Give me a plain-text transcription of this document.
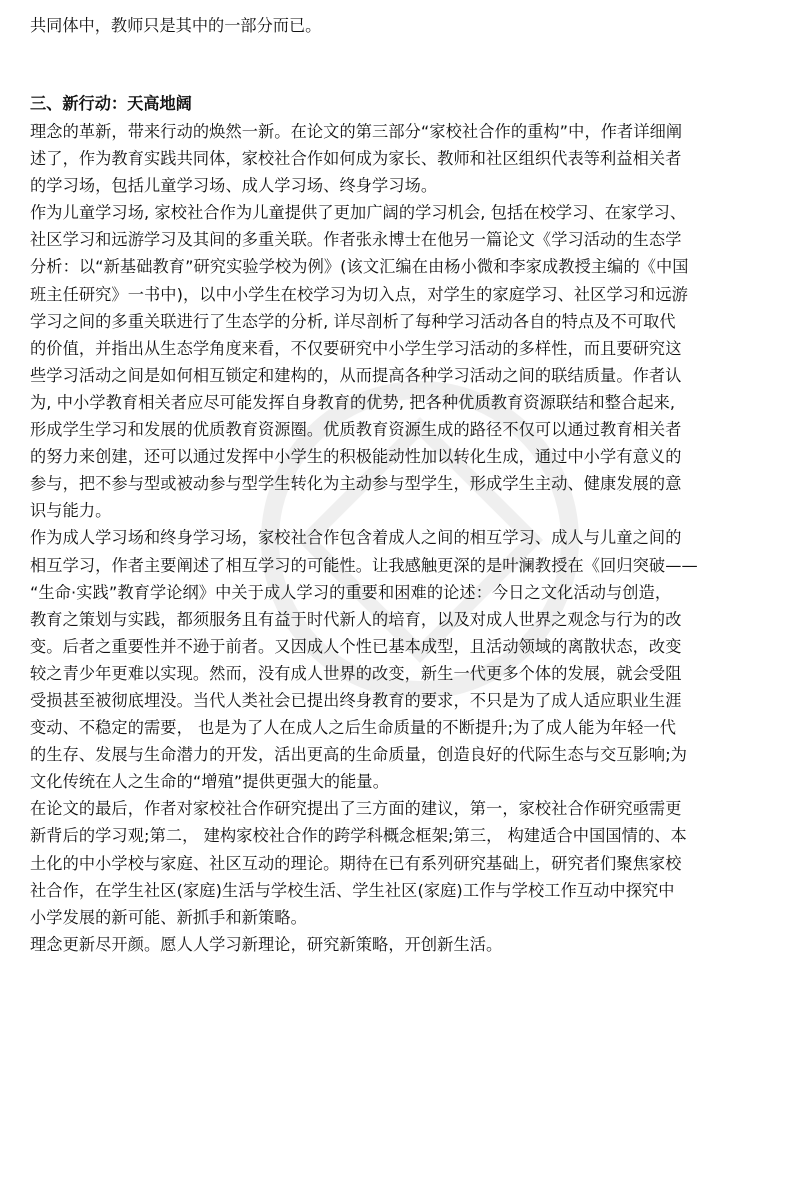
共同体中，教师只是其中的一部分而已。

三、新行动：天高地阔
理念的革新，带来行动的焕然一新。在论文的第三部分“家校社合作的重构”中，作者详细阐
述了，作为教育实践共同体，家校社合作如何成为家长、教师和社区组织代表等利益相关者
的学习场，包括儿童学习场、成人学习场、终身学习场。
作为儿童学习场, 家校社合作为儿童提供了更加广阔的学习机会, 包括在校学习、在家学习、
社区学习和远游学习及其间的多重关联。作者张永博士在他另一篇论文《学习活动的生态学
分析：以“新基础教育”研究实验学校为例》(该文汇编在由杨小微和李家成教授主编的《中国
班主任研究》一书中)，以中小学生在校学习为切入点，对学生的家庭学习、社区学习和远游
学习之间的多重关联进行了生态学的分析, 详尽剖析了每种学习活动各自的特点及不可取代
的价值，并指出从生态学角度来看，不仅要研究中小学生学习活动的多样性，而且要研究这
些学习活动之间是如何相互锁定和建构的，从而提高各种学习活动之间的联结质量。作者认
为, 中小学教育相关者应尽可能发挥自身教育的优势, 把各种优质教育资源联结和整合起来,
形成学生学习和发展的优质教育资源圈。优质教育资源生成的路径不仅可以通过教育相关者
的努力来创建，还可以通过发挥中小学生的积极能动性加以转化生成，通过中小学有意义的
参与，把不参与型或被动参与型学生转化为主动参与型学生，形成学生主动、健康发展的意
识与能力。
作为成人学习场和终身学习场，家校社合作包含着成人之间的相互学习、成人与儿童之间的
相互学习，作者主要阐述了相互学习的可能性。让我感触更深的是叶澜教授在《回归突破——
“生命·实践”教育学论纲》中关于成人学习的重要和困难的论述：今日之文化活动与创造，
教育之策划与实践，都须服务且有益于时代新人的培育，以及对成人世界之观念与行为的改
变。后者之重要性并不逊于前者。又因成人个性已基本成型，且活动领域的离散状态，改变
较之青少年更难以实现。然而，没有成人世界的改变，新生一代更多个体的发展，就会受阻
受损甚至被彻底埋没。当代人类社会已提出终身教育的要求，不只是为了成人适应职业生涯
变动、不稳定的需要， 也是为了人在成人之后生命质量的不断提升;为了成人能为年轻一代
的生存、发展与生命潜力的开发，活出更高的生命质量，创造良好的代际生态与交互影响;为
文化传统在人之生命的“增殖”提供更强大的能量。
在论文的最后，作者对家校社合作研究提出了三方面的建议，第一，家校社合作研究亟需更
新背后的学习观;第二， 建构家校社合作的跨学科概念框架;第三， 构建适合中国国情的、本
土化的中小学校与家庭、社区互动的理论。期待在已有系列研究基础上，研究者们聚焦家校
社合作，在学生社区(家庭)生活与学校生活、学生社区(家庭)工作与学校工作互动中探究中
小学发展的新可能、新抓手和新策略。
理念更新尽开颜。愿人人学习新理论，研究新策略，开创新生活。
